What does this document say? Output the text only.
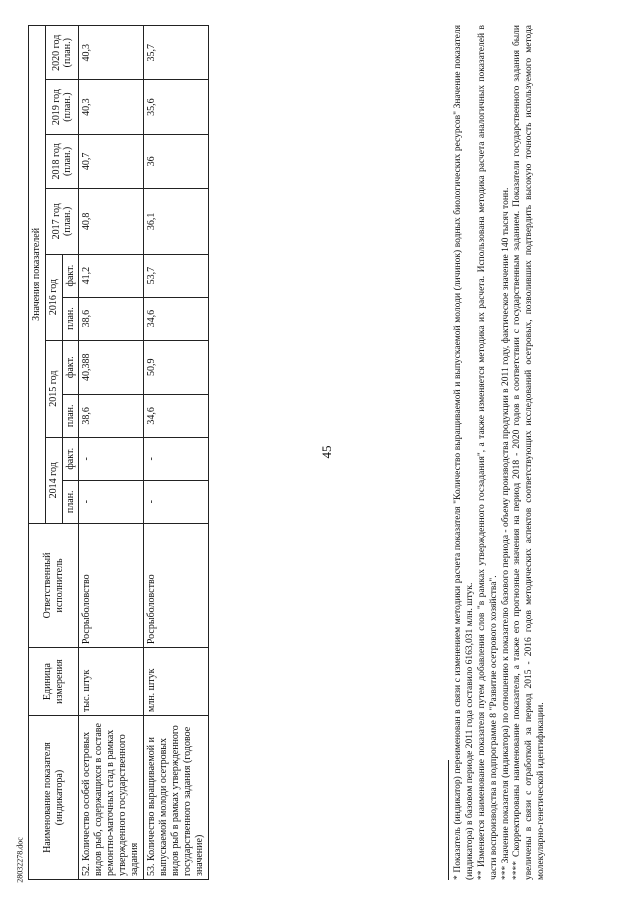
45
28032278.doc
Наименование показателя (индикатора)	Единица измерения	Ответственный исполнитель	Значения показателей									
			2014 год		2015 год		2016 год		2017 год (план.)	2018 год (план.)	2019 год (план.)	2020 год (план.)
			план.	факт.	план.	факт.	план.	факт.				
52. Количество особей осетровых видов рыб, содержащихся в составе ремонтно-маточных стад в рамках утвержденного государственного задания	тыс. штук	Росрыболовство	-	-	38,6	40,388	38,6	41,2	40,8	40,7	40,3	40,3
53. Количество выращиваемой и выпускаемой молоди осетровых видов рыб в рамках утвержденного государственного задания (годовое значение)	млн. штук	Росрыболовство	-	-	34,6	50,9	34,6	53,7	36,1	36	35,6	35,7	* Показатель (индикатор) переименован в связи с изменением методики расчета показателя "Количество выращиваемой и выпускаемой молоди (личинок) водных биологических ресурсов" Значение показателя (индикатора) в базовом периоде 2011 года составило 6163,031 млн. штук. ** Изменяется наименование показателя путем добавления слов "в рамках утвержденного госзадания", а также изменяется методика их расчета. Использована методика расчета аналогичных показателей в части воспроизводства в подпрограмме 8 "Развитие осетрового хозяйства". *** Значение показателя (индикатора) по отношению к показателю базового периода - объему производства продукции в 2011 году, фактическое значение 140 тысяч тонн. **** Скорректированы наименование показателя, а также его прогнозные значения на период 2018 - 2020 годов в соответствии с государственным заданием. Показатели государственного задания были увеличены в связи с отработкой за период 2015 - 2016 годов методических аспектов соответствующих исследований осетровых, позволивших подтвердить высокую точность используемого метода молекулярно-генетической идентификации.
